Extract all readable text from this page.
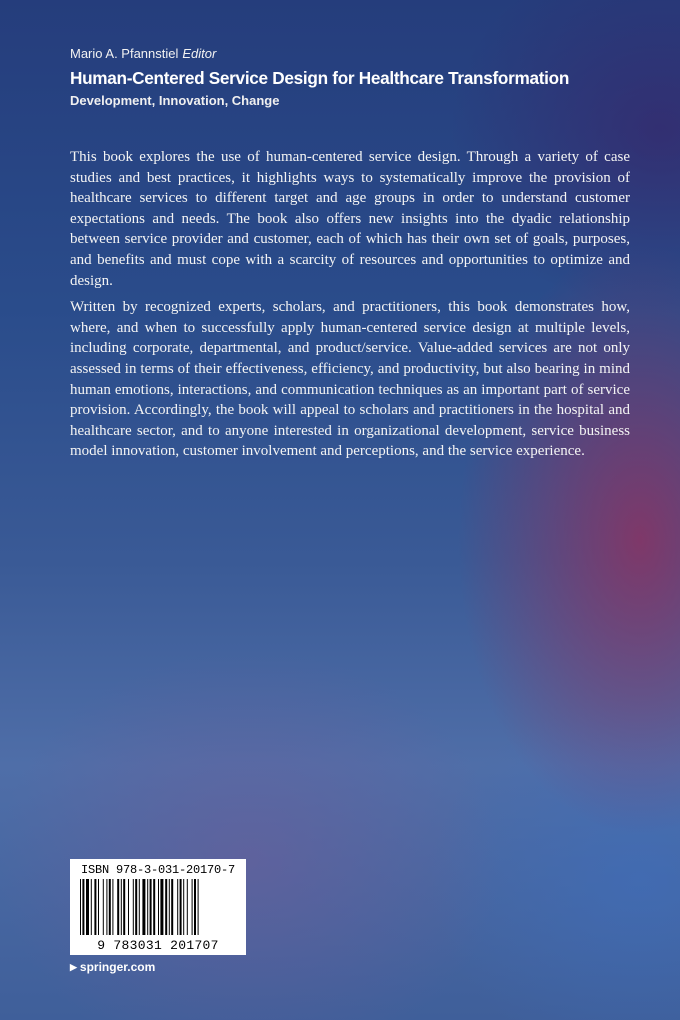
Mario A. Pfannstiel Editor

Human-Centered Service Design for Healthcare Transformation
Development, Innovation, Change

This book explores the use of human-centered service design. Through a variety of case studies and best practices, it highlights ways to systematically improve the provision of healthcare services to different target and age groups in order to understand customer expectations and needs. The book also offers new insights into the dyadic relationship between service provider and customer, each of which has their own set of goals, purposes, and benefits and must cope with a scarcity of resources and opportunities to optimize and design.

Written by recognized experts, scholars, and practitioners, this book demonstrates how, where, and when to successfully apply human-centered service design at multiple levels, including corporate, departmental, and product/service. Value-added services are not only assessed in terms of their effectiveness, efficiency, and productivity, but also bearing in mind human emotions, interactions, and communication techniques as an important part of service provision. Accordingly, the book will appeal to scholars and practitioners in the hospital and healthcare sector, and to anyone interested in organizational development, service business model innovation, customer involvement and perceptions, and the service experience.

ISBN 978-3-031-20170-7

9 783031 201707

▶ springer.com
